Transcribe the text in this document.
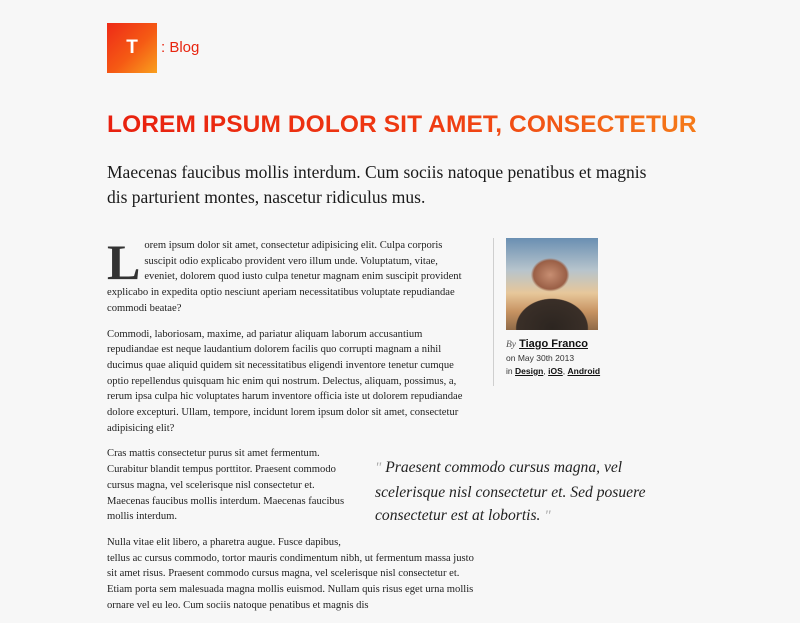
T	: Blog
LOREM IPSUM DOLOR SIT AMET, CONSECTETUR

Maecenas faucibus mollis interdum. Cum sociis natoque penatibus et magnis dis parturient montes, nascetur ridiculus mus.

Lorem ipsum dolor sit amet, consectetur adipisicing elit. Culpa corporis suscipit odio explicabo provident vero illum unde. Voluptatum, vitae, eveniet, dolorem quod iusto culpa tenetur magnam enim suscipit provident explicabo in expedita optio nesciunt aperiam necessitatibus voluptate repudiandae commodi beatae?

Commodi, laboriosam, maxime, ad pariatur aliquam laborum accusantium repudiandae est neque laudantium dolorem facilis quo corrupti magnam a nihil ducimus quae aliquid quidem sit necessitatibus eligendi inventore tenetur cumque optio repellendus quisquam hic enim qui nostrum. Delectus, aliquam, possimus, a, rerum ipsa culpa hic voluptates harum inventore officia iste ut dolorem repudiandae dolore excepturi. Ullam, tempore, incidunt lorem ipsum dolor sit amet, consectetur adipisicing elit?

Cras mattis consectetur purus sit amet fermentum. Curabitur blandit tempus porttitor. Praesent commodo cursus magna, vel scelerisque nisl consectetur et. Maecenas faucibus mollis interdum. Maecenas faucibus mollis interdum.

Nulla vitae elit libero, a pharetra augue. Fusce dapibus,
tellus ac cursus commodo, tortor mauris condimentum nibh, ut fermentum massa justo sit amet risus. Praesent commodo cursus magna, vel scelerisque nisl consectetur et. Etiam porta sem malesuada magna mollis euismod. Nullam quis risus eget urna mollis ornare vel eu leo. Cum sociis natoque penatibus et magnis dis

By Tiago Franco
on May 30th 2013
in Design, iOS, Android
" Praesent commodo cursus magna, vel scelerisque nisl consectetur et. Sed posuere consectetur est at lobortis. "
